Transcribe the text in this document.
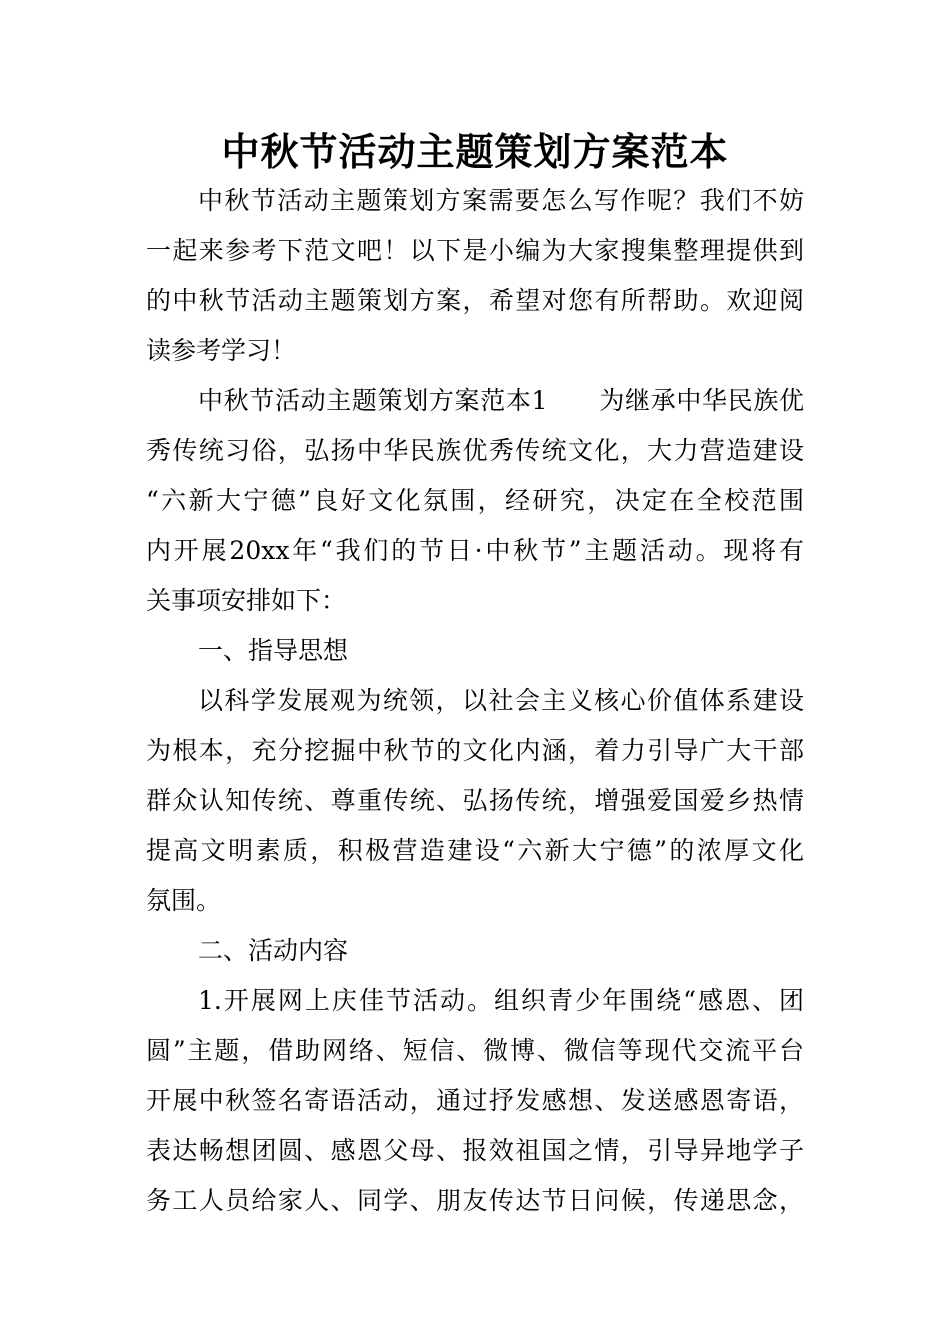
中秋节活动主题策划方案范本
中秋节活动主题策划方案需要怎么写作呢？我们不妨
一起来参考下范文吧！以下是小编为大家搜集整理提供到
的中秋节活动主题策划方案，希望对您有所帮助。欢迎阅
读参考学习！
中秋节活动主题策划方案范本1　　为继承中华民族优
秀传统习俗，弘扬中华民族优秀传统文化，大力营造建设
“六新大宁德”良好文化氛围，经研究，决定在全校范围
内开展20xx年“我们的节日·中秋节”主题活动。现将有
关事项安排如下：
一、指导思想
以科学发展观为统领，以社会主义核心价值体系建设
为根本，充分挖掘中秋节的文化内涵，着力引导广大干部
群众认知传统、尊重传统、弘扬传统，增强爱国爱乡热情
提高文明素质，积极营造建设“六新大宁德”的浓厚文化
氛围。
二、活动内容
1.开展网上庆佳节活动。组织青少年围绕“感恩、团
圆”主题，借助网络、短信、微博、微信等现代交流平台
开展中秋签名寄语活动，通过抒发感想、发送感恩寄语，
表达畅想团圆、感恩父母、报效祖国之情，引导异地学子
务工人员给家人、同学、朋友传达节日问候，传递思念，
